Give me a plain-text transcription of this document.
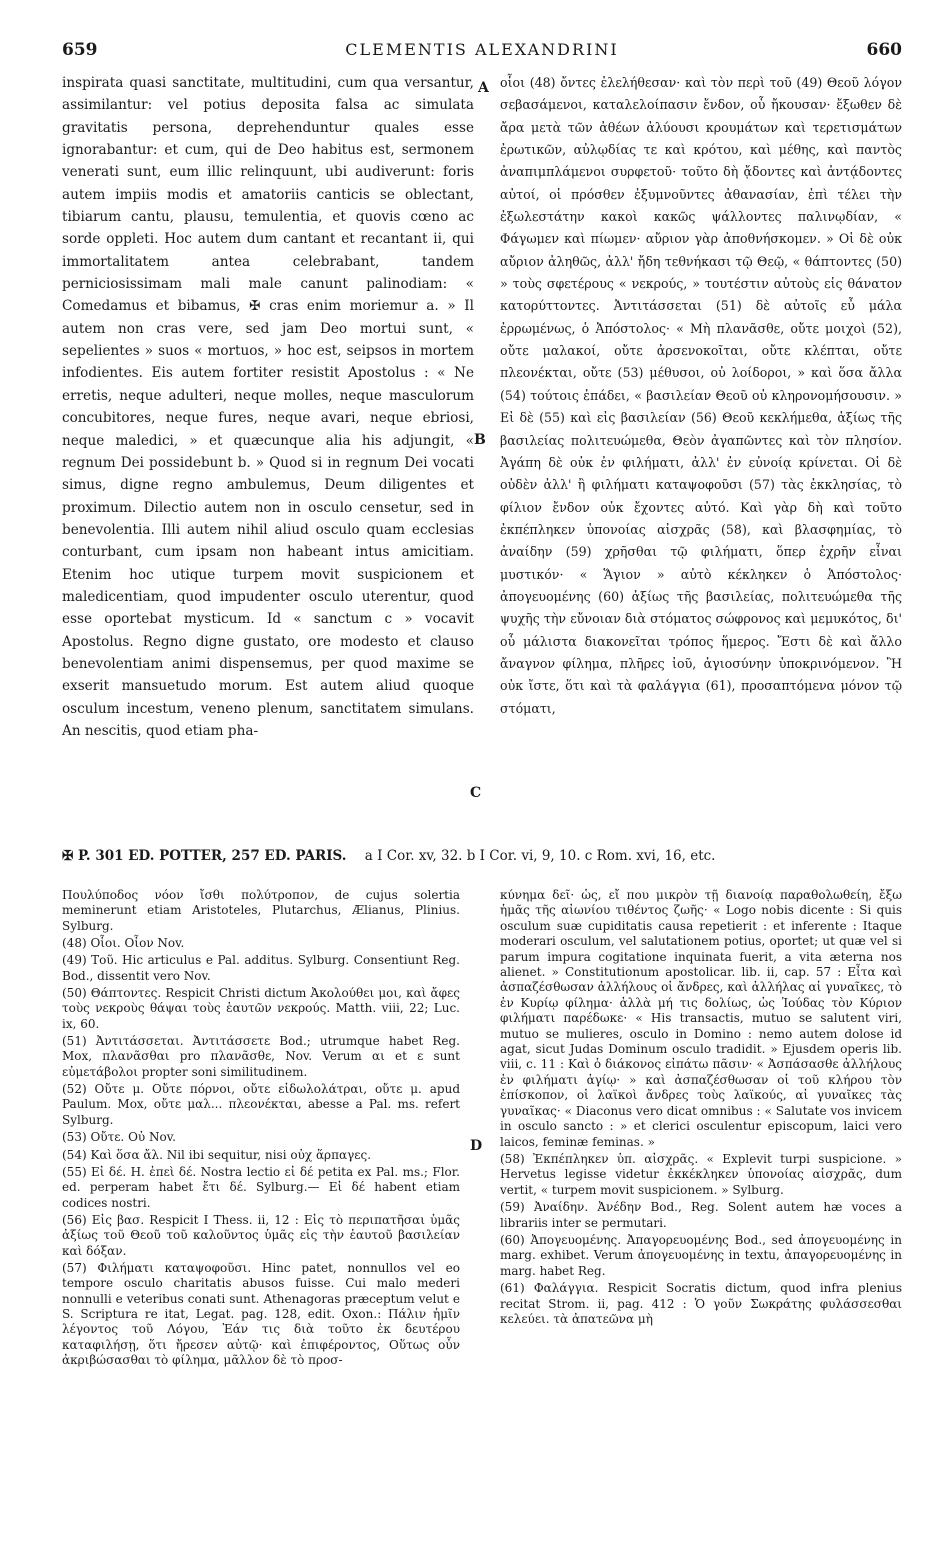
659	CLEMENTIS ALEXANDRINI	660
inspirata quasi sanctitate, multitudini, cum qua versantur, assimilantur: vel potius deposita falsa ac simulata gravitatis persona, deprehenduntur quales esse ignorabantur: et cum, qui de Deo habitus est, sermonem venerati sunt, eum illic relinquunt, ubi audiverunt: foris autem impiis modis et amatoriis canticis se oblectant, tibiarum cantu, plausu, temulentia, et quovis cœno ac sorde oppleti. Hoc autem dum cantant et recantant ii, qui immortalitatem antea celebrabant, tandem perniciosissimam mali male canunt palinodiam: « Comedamus et bibamus, ✠ cras enim moriemur a. » Il autem non cras vere, sed jam Deo mortui sunt, « sepelientes » suos « mortuos, » hoc est, seipsos in mortem infodientes. Eis autem fortiter resistit Apostolus : « Ne erretis, neque adulteri, neque molles, neque masculorum concubitores, neque fures, neque avari, neque ebriosi, neque maledici, » et quæcunque alia his adjungit, « regnum Dei possidebunt b. » Quod si in regnum Dei vocati simus, digne regno ambulemus, Deum diligentes et proximum. Dilectio autem non in osculo censetur, sed in benevolentia. Illi autem nihil aliud osculo quam ecclesias conturbant, cum ipsam non habeant intus amicitiam. Etenim hoc utique turpem movit suspicionem et maledicentiam, quod impudenter osculo uterentur, quod esse oportebat mysticum. Id « sanctum c » vocavit Apostolus. Regno digne gustato, ore modesto et clauso benevolentiam animi dispensemus, per quod maxime se exserit mansuetudo morum. Est autem aliud quoque osculum incestum, veneno plenum, sanctitatem simulans. An nescitis, quod etiam pha-
A
B
C
D
οἷοι (48) ὄντες ἐλελήθεσαν· καὶ τὸν περὶ τοῦ (49) Θεοῦ λόγον σεβασάμενοι, καταλελοίπασιν ἔνδον, οὗ ἤκουσαν· ἔξωθεν δὲ ἄρα μετὰ τῶν ἀθέων ἀλύουσι κρουμάτων καὶ τερετισμάτων ἐρωτικῶν, αὐλῳδίας τε καὶ κρότου, καὶ μέθης, καὶ παντὸς ἀναπιμπλάμενοι συρφετοῦ· τοῦτο δὴ ᾄδοντες καὶ ἀντᾴδοντες αὐτοί, οἱ πρόσθεν ἐξυμνοῦντες ἀθανασίαν, ἐπὶ τέλει τὴν ἐξωλεστάτην κακοὶ κακῶς ψάλλοντες παλινῳδίαν, « Φάγωμεν καὶ πίωμεν· αὔριον γὰρ ἀποθνήσκομεν. » Οἱ δὲ οὐκ αὔριον ἀληθῶς, ἀλλ' ἤδη τεθνήκασι τῷ Θεῷ, « θάπτοντες (50) » τοὺς σφετέρους « νεκρούς, » τουτέστιν αὐτοὺς εἰς θάνατον κατορύττοντες. Ἀντιτάσσεται (51) δὲ αὐτοῖς εὖ μάλα ἐρρωμένως, ὁ Ἀπόστολος· « Μὴ πλανᾶσθε, οὔτε μοιχοὶ (52), οὔτε μαλακοί, οὔτε ἀρσενοκοῖται, οὔτε κλέπται, οὔτε πλεονέκται, οὔτε (53) μέθυσοι, οὐ λοίδοροι, » καὶ ὅσα ἄλλα (54) τούτοις ἐπάδει, « βασιλείαν Θεοῦ οὐ κληρονομήσουσιν. » Εἰ δὲ (55) καὶ εἰς βασιλείαν (56) Θεοῦ κεκλήμεθα, ἀξίως τῆς βασιλείας πολιτευώμεθα, Θεὸν ἀγαπῶντες καὶ τὸν πλησίον. Ἀγάπη δὲ οὐκ ἐν φιλήματι, ἀλλ' ἐν εὐνοίᾳ κρίνεται. Οἱ δὲ οὐδὲν ἀλλ' ἢ φιλήματι καταψοφοῦσι (57) τὰς ἐκκλησίας, τὸ φίλιον ἔνδον οὐκ ἔχοντες αὐτό. Καὶ γὰρ δὴ καὶ τοῦτο ἐκπέπληκεν ὑπονοίας αἰσχρᾶς (58), καὶ βλασφημίας, τὸ ἀναίδην (59) χρῆσθαι τῷ φιλήματι, ὅπερ ἐχρῆν εἶναι μυστικόν· « Ἅγιον » αὐτὸ κέκληκεν ὁ Ἀπόστολος· ἀπογευομένης (60) ἀξίως τῆς βασιλείας, πολιτευώμεθα τῆς ψυχῆς τὴν εὔνοιαν διὰ στόματος σώφρονος καὶ μεμυκότος, δι' οὗ μάλιστα διακονεῖται τρόπος ἥμερος. Ἔστι δὲ καὶ ἄλλο ἄναγνον φίλημα, πλῆρες ἰοῦ, ἁγιοσύνην ὑποκρινόμενον. Ἢ οὐκ ἴστε, ὅτι καὶ τὰ φαλάγγια (61), προσαπτόμενα μόνον τῷ στόματι,
✠ P. 301 ED. POTTER, 257 ED. PARIS. a I Cor. xv, 32. b I Cor. vi, 9, 10. c Rom. xvi, 16, etc.

Πουλύποδος νόον ἴσθι πολύτροπον, de cujus solertia meminerunt etiam Aristoteles, Plutarchus, Ælianus, Plinius. Sylburg.

(48) Οἷοι. Οἷον Nov.

(49) Τοῦ. Hic articulus e Pal. additus. Sylburg. Consentiunt Reg. Bod., dissentit vero Nov.

(50) Θάπτοντες. Respicit Christi dictum Ἀκολούθει μοι, καὶ ἄφες τοὺς νεκροὺς θάψαι τοὺς ἑαυτῶν νεκρούς. Matth. viii, 22; Luc. ix, 60.

(51) Ἀντιτάσσεται. Ἀντιτάσσετε Bod.; utrumque habet Reg. Mox, πλανᾶσθαι pro πλανᾶσθε, Nov. Verum αι et ε sunt εὐμετάβολοι propter soni similitudinem.

(52) Οὔτε μ. Οὔτε πόρνοι, οὔτε εἰδωλολάτραι, οὔτε μ. apud Paulum. Mox, οὔτε μαλ... πλεονέκται, abesse a Pal. ms. refert Sylburg.

(53) Οὔτε. Οὐ Nov.

(54) Καὶ ὅσα ἄλ. Nil ibi sequitur, nisi οὐχ ἅρπαγες.

(55) Εἰ δέ. H. ἐπεὶ δέ. Nostra lectio εἰ δέ petita ex Pal. ms.; Flor. ed. perperam habet ἔτι δέ. Sylburg.— Εἰ δέ habent etiam codices nostri.

(56) Εἰς βασ. Respicit I Thess. ii, 12 : Εἰς τὸ περιπατῆσαι ὑμᾶς ἀξίως τοῦ Θεοῦ τοῦ καλοῦντος ὑμᾶς εἰς τὴν ἑαυτοῦ βασιλείαν καὶ δόξαν.

(57) Φιλήματι καταψοφοῦσι. Hinc patet, nonnullos vel eo tempore osculo charitatis abusos fuisse. Cui malo mederi nonnulli e veteribus conati sunt. Athenagoras præceptum velut e S. Scriptura re itat, Legat. pag. 128, edit. Oxon.: Πάλιν ἡμῖν λέγοντος τοῦ Λόγου, Ἐάν τις διὰ τοῦτο ἐκ δευτέρου καταφιλήσῃ, ὅτι ἤρεσεν αὐτῷ· καὶ ἐπιφέροντος, Οὕτως οὖν ἀκριβώσασθαι τὸ φίλημα, μᾶλλον δὲ τὸ προσ-

κύνημα δεῖ· ὡς, εἴ που μικρὸν τῇ διανοίᾳ παραθολωθείη, ἔξω ἡμᾶς τῆς αἰωνίου τιθέντος ζωῆς· « Logo nobis dicente : Si quis osculum suæ cupiditatis causa repetierit : et inferente : Itaque moderari osculum, vel salutationem potius, oportet; ut quæ vel si parum impura cogitatione inquinata fuerit, a vita æterna nos alienet. » Constitutionum apostolicar. lib. ii, cap. 57 : Εἶτα καὶ ἀσπαζέσθωσαν ἀλλήλους οἱ ἄνδρες, καὶ ἀλλήλας αἱ γυναῖκες, τὸ ἐν Κυρίῳ φίλημα· ἀλλὰ μή τις δολίως, ὡς Ἰούδας τὸν Κύριον φιλήματι παρέδωκε· « His transactis, mutuo se salutent viri, mutuo se mulieres, osculo in Domino : nemo autem dolose id agat, sicut Judas Dominum osculo tradidit. » Ejusdem operis lib. viii, c. 11 : Καὶ ὁ διάκονος εἰπάτω πᾶσιν· « Ἀσπάσασθε ἀλλήλους ἐν φιλήματι ἁγίῳ· » καὶ ἀσπαζέσθωσαν οἱ τοῦ κλήρου τὸν ἐπίσκοπον, οἱ λαϊκοὶ ἄνδρες τοὺς λαϊκούς, αἱ γυναῖκες τὰς γυναῖκας· « Diaconus vero dicat omnibus : « Salutate vos invicem in osculo sancto : » et clerici osculentur episcopum, laici vero laicos, feminæ feminas. »

(58) Ἐκπέπληκεν ὑπ. αἰσχρᾶς. « Explevit turpi suspicione. » Hervetus legisse videtur ἐκκέκληκεν ὑπονοίας αἰσχρᾶς, dum vertit, « turpem movit suspicionem. » Sylburg.

(59) Ἀναίδην. Ἀνέδην Bod., Reg. Solent autem hæ voces a librariis inter se permutari.

(60) Ἀπογευομένης. Ἀπαγορευομένης Bod., sed ἀπογευομένης in marg. exhibet. Verum ἀπογευομένης in textu, ἀπαγορευομένης in marg. habet Reg.

(61) Φαλάγγια. Respicit Socratis dictum, quod infra plenius recitat Strom. ii, pag. 412 : Ὁ γοῦν Σωκράτης φυλάσσεσθαι κελεύει. τὰ ἀπατεῶνα μὴ
